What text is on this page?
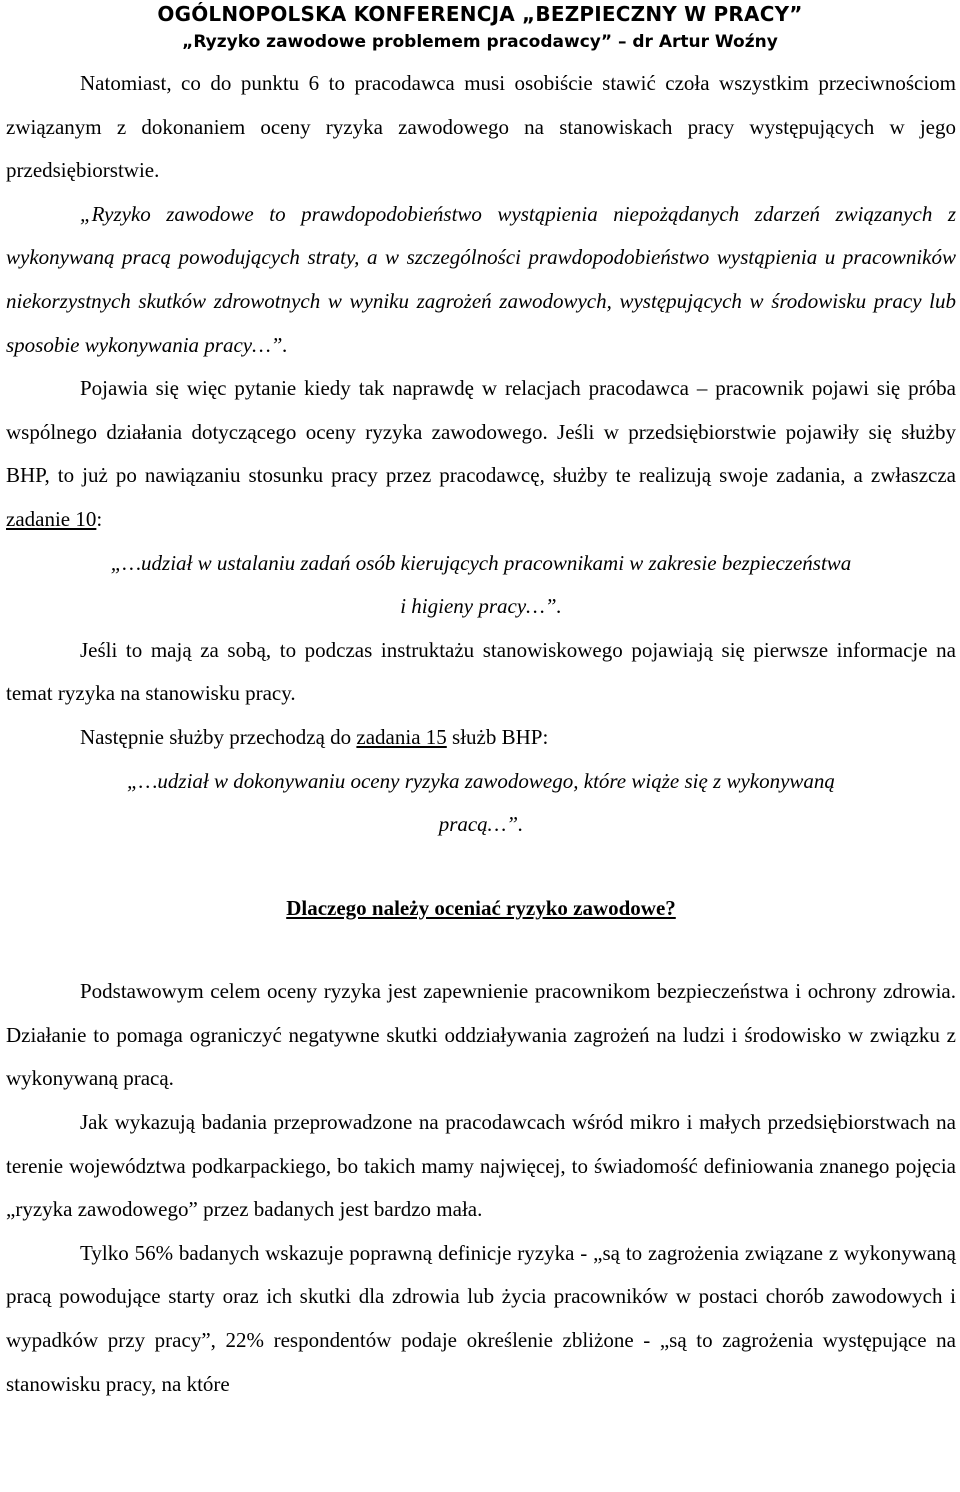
OGÓLNOPOLSKA KONFERENCJA „BEZPIECZNY W PRACY”
„Ryzyko zawodowe problemem pracodawcy” – dr Artur Woźny

Natomiast, co do punktu 6 to pracodawca musi osobiście stawić czoła wszystkim przeciwnościom związanym z dokonaniem oceny ryzyka zawodowego na stanowiskach pracy występujących w jego przedsiębiorstwie.

„Ryzyko zawodowe to prawdopodobieństwo wystąpienia niepożądanych zdarzeń związanych z wykonywaną pracą powodujących straty, a w szczególności prawdopodobieństwo wystąpienia u pracowników niekorzystnych skutków zdrowotnych w wyniku zagrożeń zawodowych, występujących w środowisku pracy lub sposobie wykonywania pracy…”.

Pojawia się więc pytanie kiedy tak naprawdę w relacjach pracodawca – pracownik pojawi się próba wspólnego działania dotyczącego oceny ryzyka zawodowego. Jeśli w przedsiębiorstwie pojawiły się służby BHP, to już po nawiązaniu stosunku pracy przez pracodawcę, służby te realizują swoje zadania, a zwłaszcza zadanie 10:

„…udział w ustalaniu zadań osób kierujących pracownikami w zakresie bezpieczeństwa
i higieny pracy…”.

Jeśli to mają za sobą, to podczas instruktażu stanowiskowego pojawiają się pierwsze informacje na temat ryzyka na stanowisku pracy.

Następnie służby przechodzą do zadania 15 służb BHP:

„…udział w dokonywaniu oceny ryzyka zawodowego, które wiąże się z wykonywaną
pracą…”.

Dlaczego należy oceniać ryzyko zawodowe?

Podstawowym celem oceny ryzyka jest zapewnienie pracownikom bezpieczeństwa i ochrony zdrowia. Działanie to pomaga ograniczyć negatywne skutki oddziaływania zagrożeń na ludzi i środowisko w związku z wykonywaną pracą.

Jak wykazują badania przeprowadzone na pracodawcach wśród mikro i małych przedsiębiorstwach na terenie województwa podkarpackiego, bo takich mamy najwięcej, to świadomość definiowania znanego pojęcia „ryzyka zawodowego” przez badanych jest bardzo mała.

Tylko 56% badanych wskazuje poprawną definicje ryzyka - „są to zagrożenia związane z wykonywaną pracą powodujące starty oraz ich skutki dla zdrowia lub życia pracowników w postaci chorób zawodowych i wypadków przy pracy”, 22% respondentów podaje określenie zbliżone - „są to zagrożenia występujące na stanowisku pracy, na które
